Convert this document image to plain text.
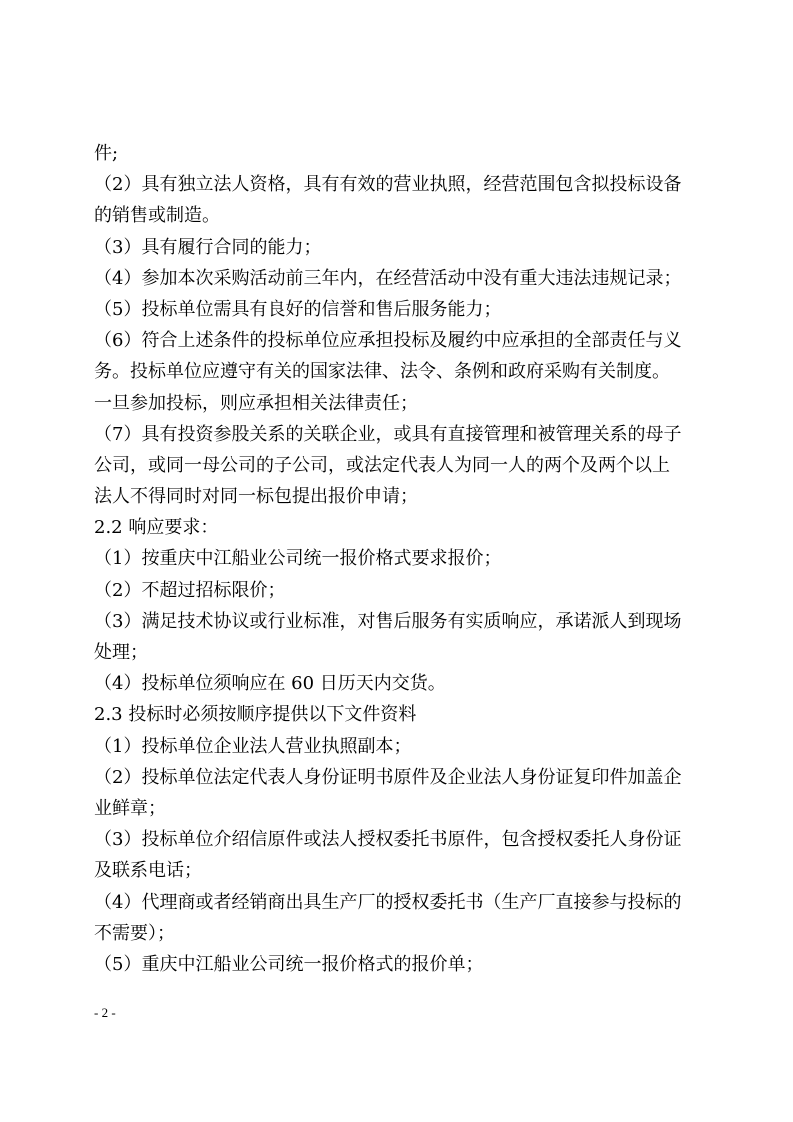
件;
（2）具有独立法人资格，具有有效的营业执照，经营范围包含拟投标设备
的销售或制造。
（3）具有履行合同的能力；
（4）参加本次采购活动前三年内，在经营活动中没有重大违法违规记录；
（5）投标单位需具有良好的信誉和售后服务能力；
（6）符合上述条件的投标单位应承担投标及履约中应承担的全部责任与义
务。投标单位应遵守有关的国家法律、法令、条例和政府采购有关制度。
一旦参加投标，则应承担相关法律责任；
（7）具有投资参股关系的关联企业，或具有直接管理和被管理关系的母子
公司，或同一母公司的子公司，或法定代表人为同一人的两个及两个以上
法人不得同时对同一标包提出报价申请；
2.2 响应要求：
（1）按重庆中江船业公司统一报价格式要求报价；
（2）不超过招标限价；
（3）满足技术协议或行业标准，对售后服务有实质响应，承诺派人到现场
处理；
（4）投标单位须响应在 60 日历天内交货。
2.3 投标时必须按顺序提供以下文件资料
（1）投标单位企业法人营业执照副本；
（2）投标单位法定代表人身份证明书原件及企业法人身份证复印件加盖企
业鲜章；
（3）投标单位介绍信原件或法人授权委托书原件，包含授权委托人身份证
及联系电话；
（4）代理商或者经销商出具生产厂的授权委托书（生产厂直接参与投标的
不需要）；
（5）重庆中江船业公司统一报价格式的报价单；
- 2 -
